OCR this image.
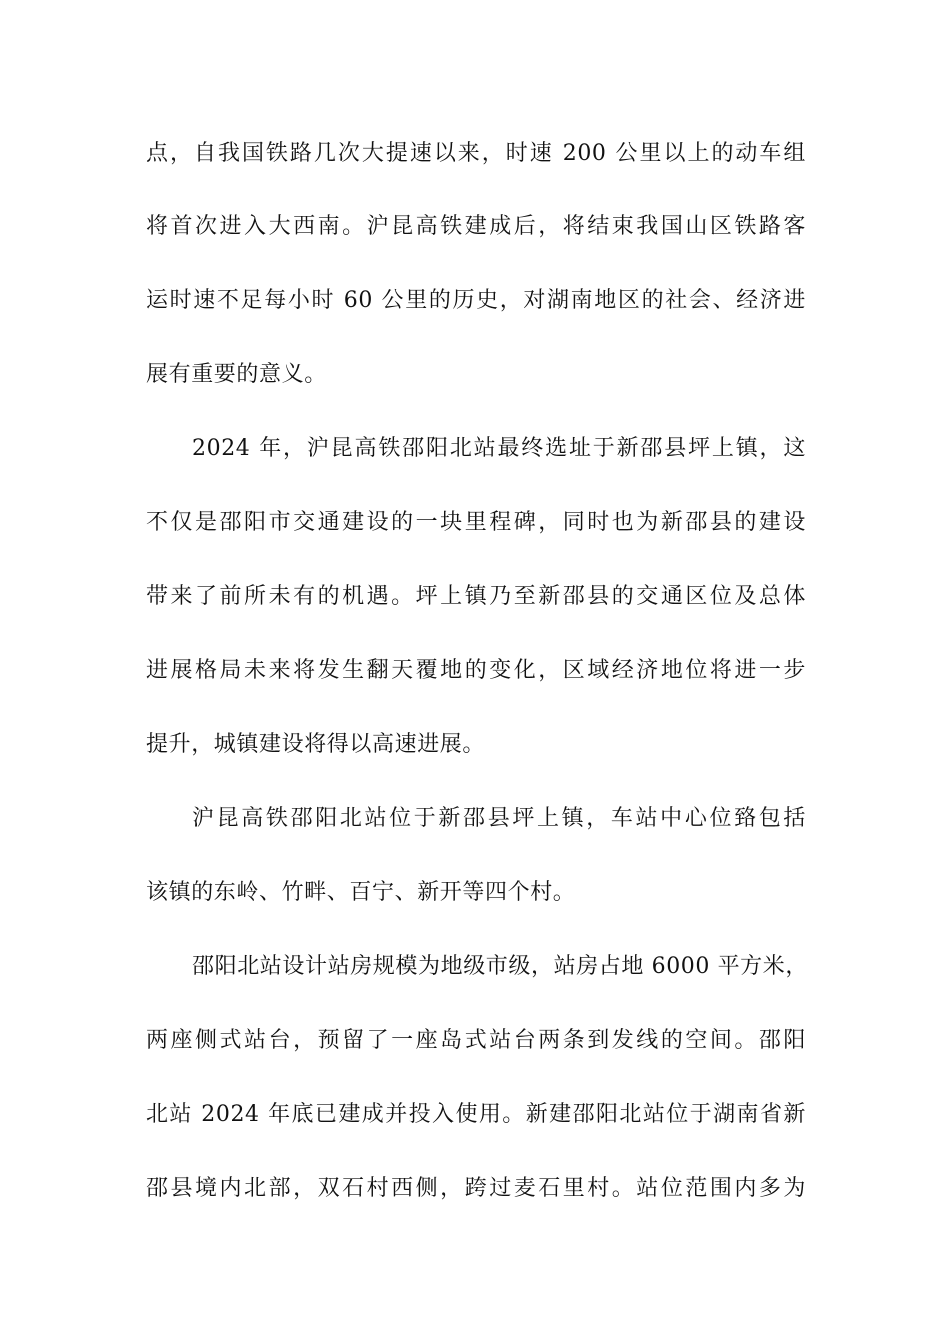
点，自我国铁路几次大提速以来，时速 200 公里以上的动车组
将首次进入大西南。沪昆高铁建成后，将结束我国山区铁路客
运时速不足每小时 60 公里的历史，对湖南地区的社会、经济进
展有重要的意义。
2024 年，沪昆高铁邵阳北站最终选址于新邵县坪上镇，这
不仅是邵阳市交通建设的一块里程碑，同时也为新邵县的建设
带来了前所未有的机遇。坪上镇乃至新邵县的交通区位及总体
进展格局未来将发生翻天覆地的变化，区域经济地位将进一步
提升，城镇建设将得以高速进展。
沪昆高铁邵阳北站位于新邵县坪上镇，车站中心位臵包括
该镇的东岭、竹畔、百宁、新开等四个村。
邵阳北站设计站房规模为地级市级，站房占地 6000 平方米，
两座侧式站台，预留了一座岛式站台两条到发线的空间。邵阳
北站 2024 年底已建成并投入使用。新建邵阳北站位于湖南省新
邵县境内北部，双石村西侧，跨过麦石里村。站位范围内多为
